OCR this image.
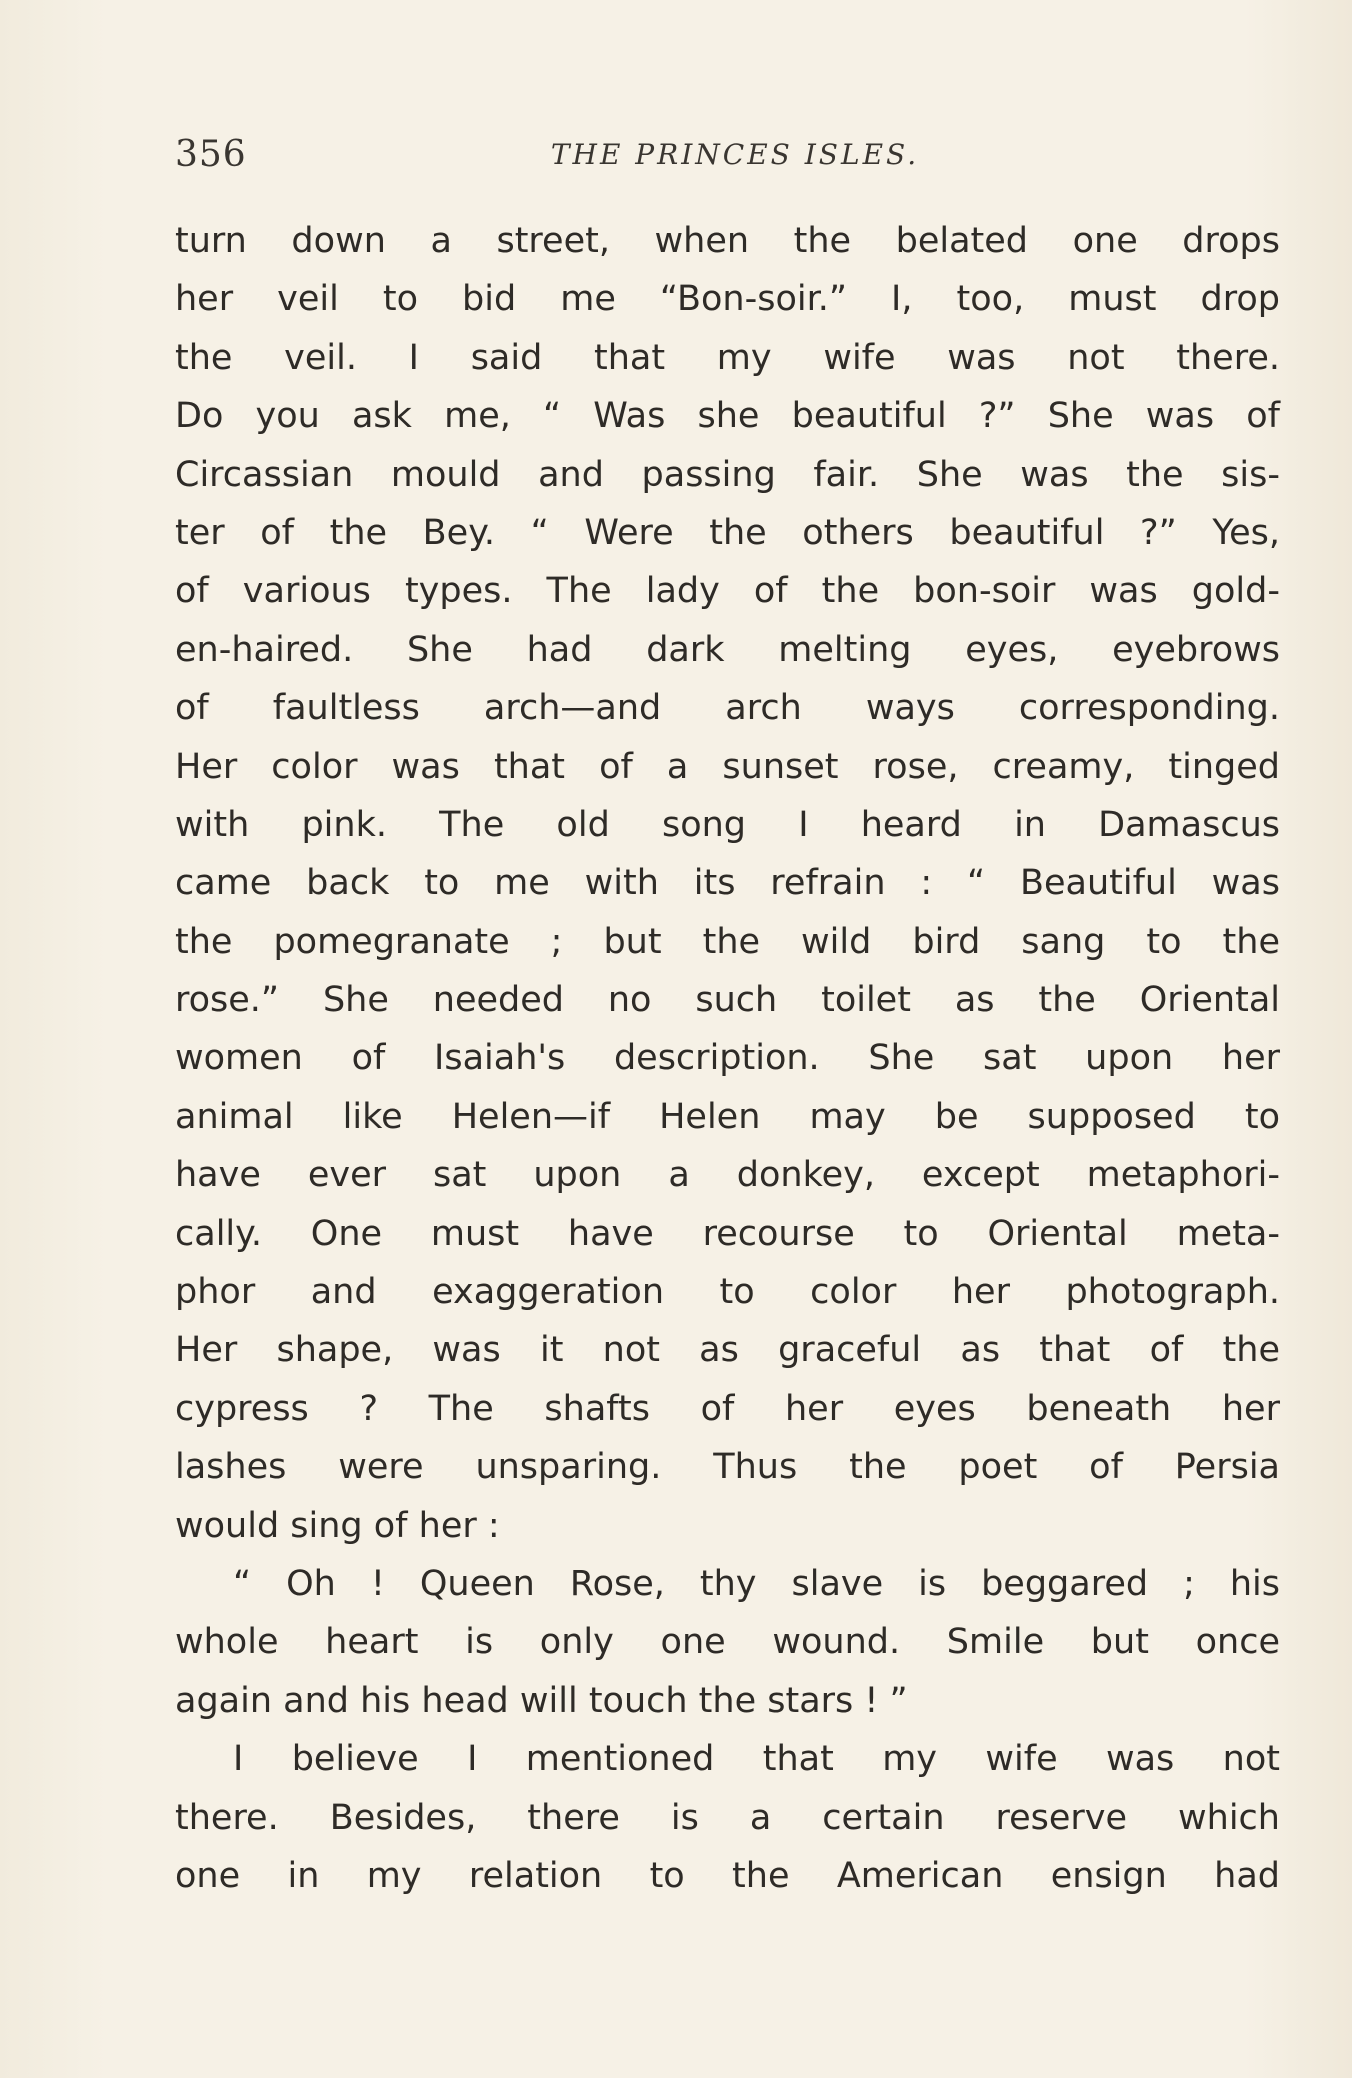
356	THE PRINCES ISLES.
turn down a street, when the belated one drops
her veil to bid me “Bon-soir.” I, too, must drop
the veil. I said that my wife was not there.
Do you ask me, “ Was she beautiful ?” She was of
Circassian mould and passing fair. She was the sis-
ter of the Bey. “ Were the others beautiful ?” Yes,
of various types. The lady of the bon-soir was gold-
en-haired. She had dark melting eyes, eyebrows
of faultless arch—and arch ways corresponding.
Her color was that of a sunset rose, creamy, tinged
with pink. The old song I heard in Damascus
came back to me with its refrain : “ Beautiful was
the pomegranate ; but the wild bird sang to the
rose.” She needed no such toilet as the Oriental
women of Isaiah's description. She sat upon her
animal like Helen—if Helen may be supposed to
have ever sat upon a donkey, except metaphori-
cally. One must have recourse to Oriental meta-
phor and exaggeration to color her photograph.
Her shape, was it not as graceful as that of the
cypress ? The shafts of her eyes beneath her
lashes were unsparing. Thus the poet of Persia
would sing of her :
“ Oh ! Queen Rose, thy slave is beggared ; his
whole heart is only one wound. Smile but once
again and his head will touch the stars ! ”
I believe I mentioned that my wife was not
there. Besides, there is a certain reserve which
one in my relation to the American ensign had
